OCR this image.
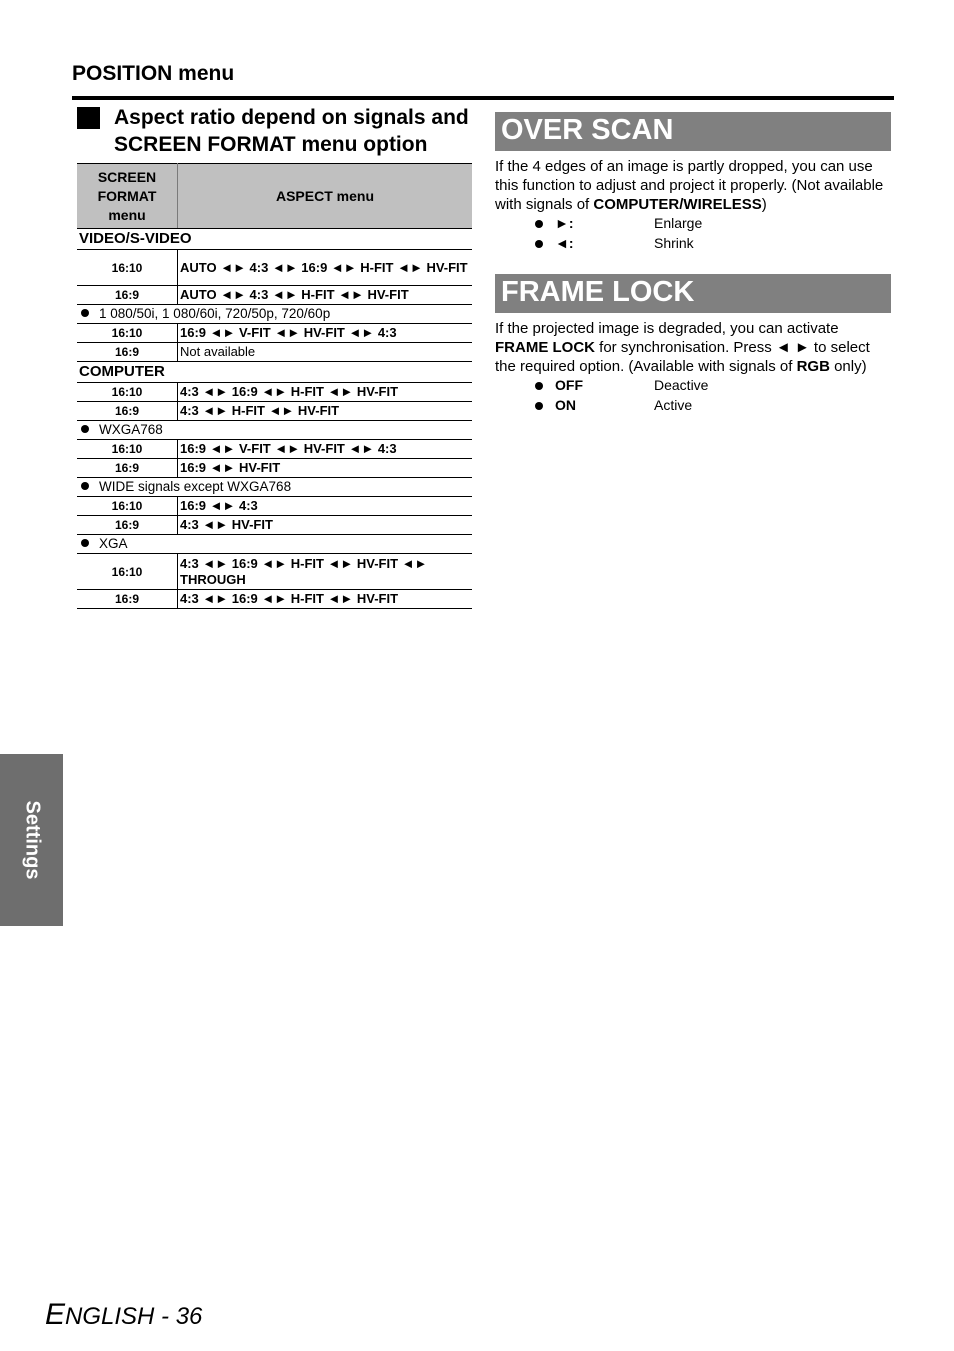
POSITION menu
Aspect ratio depend on signals and SCREEN FORMAT menu option
SCREEN FORMAT menu	ASPECT menu
VIDEO/S-VIDEO	
16:10	AUTO ◄► 4:3 ◄► 16:9 ◄► H-FIT ◄► HV-FIT
16:9	AUTO ◄► 4:3 ◄► H-FIT ◄► HV-FIT
1 080/50i, 1 080/60i, 720/50p, 720/60p	
16:10	16:9 ◄► V-FIT ◄► HV-FIT ◄► 4:3
16:9	Not available
COMPUTER	
16:10	4:3 ◄► 16:9 ◄► H-FIT ◄► HV-FIT
16:9	4:3 ◄► H-FIT ◄► HV-FIT
WXGA768	
16:10	16:9 ◄► V-FIT ◄► HV-FIT ◄► 4:3
16:9	16:9 ◄► HV-FIT
WIDE signals except WXGA768	
16:10	16:9 ◄► 4:3
16:9	4:3 ◄► HV-FIT
XGA	
16:10	4:3 ◄► 16:9 ◄► H-FIT ◄► HV-FIT ◄► THROUGH
16:9	4:3 ◄► 16:9 ◄► H-FIT ◄► HV-FIT
OVER SCAN
If the 4 edges of an image is partly dropped, you can use this function to adjust and project it properly. (Not available with signals of COMPUTER/WIRELESS)
►:	Enlarge
◄:	Shrink
FRAME LOCK
If the projected image is degraded, you can activate FRAME LOCK for synchronisation. Press ◄ ► to select the required option. (Available with signals of RGB only)
OFF	Deactive
ON	Active
Settings
ENGLISH - 36
